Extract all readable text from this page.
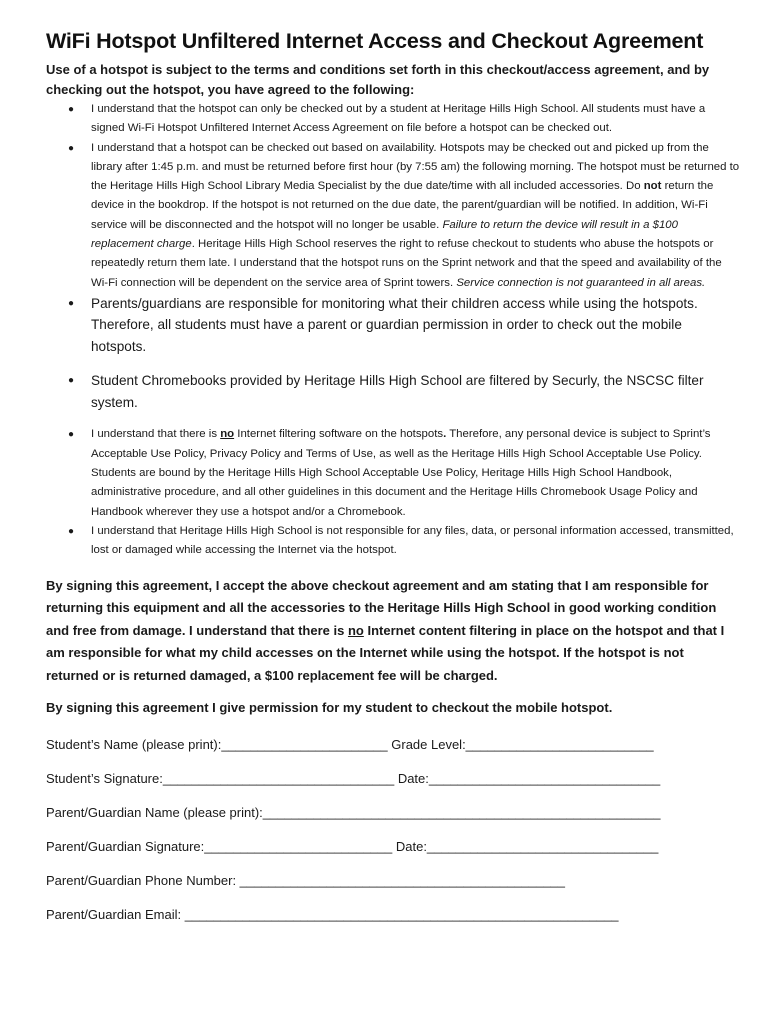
WiFi Hotspot Unfiltered Internet Access and Checkout Agreement

Use of a hotspot is subject to the terms and conditions set forth in this checkout/access agreement, and by checking out the hotspot, you have agreed to the following:

● I understand that the hotspot can only be checked out by a student at Heritage Hills High School. All students must have a signed Wi-Fi Hotspot Unfiltered Internet Access Agreement on file before a hotspot can be checked out.
● I understand that a hotspot can be checked out based on availability. Hotspots may be checked out and picked up from the library after 1:45 p.m. and must be returned before first hour (by 7:55 am) the following morning. The hotspot must be returned to the Heritage Hills High School Library Media Specialist by the due date/time with all included accessories. Do not return the device in the bookdrop. If the hotspot is not returned on the due date, the parent/guardian will be notified. In addition, Wi-Fi service will be disconnected and the hotspot will no longer be usable. Failure to return the device will result in a $100 replacement charge. Heritage Hills High School reserves the right to refuse checkout to students who abuse the hotspots or repeatedly return them late. I understand that the hotspot runs on the Sprint network and that the speed and availability of the Wi-Fi connection will be dependent on the service area of Sprint towers. Service connection is not guaranteed in all areas.
● Parents/guardians are responsible for monitoring what their children access while using the hotspots. Therefore, all students must have a parent or guardian permission in order to check out the mobile hotspots.
● Student Chromebooks provided by Heritage Hills High School are filtered by Securly, the NSCSC filter system.
● I understand that there is no Internet filtering software on the hotspots. Therefore, any personal device is subject to Sprint’s Acceptable Use Policy, Privacy Policy and Terms of Use, as well as the Heritage Hills High School Acceptable Use Policy. Students are bound by the Heritage Hills High School Acceptable Use Policy, Heritage Hills High School Handbook, administrative procedure, and all other guidelines in this document and the Heritage Hills Chromebook Usage Policy and Handbook wherever they use a hotspot and/or a Chromebook.
● I understand that Heritage Hills High School is not responsible for any files, data, or personal information accessed, transmitted, lost or damaged while accessing the Internet via the hotspot.

By signing this agreement, I accept the above checkout agreement and am stating that I am responsible for returning this equipment and all the accessories to the Heritage Hills High School in good working condition and free from damage. I understand that there is no Internet content filtering in place on the hotspot and that I am responsible for what my child accesses on the Internet while using the hotspot. If the hotspot is not returned or is returned damaged, a $100 replacement fee will be charged.

By signing this agreement I give permission for my student to checkout the mobile hotspot.

Student’s Name (please print):_______________________ Grade Level:__________________________
Student’s Signature:________________________________ Date:________________________________
Parent/Guardian Name (please print):_______________________________________________________
Parent/Guardian Signature:__________________________ Date:________________________________
Parent/Guardian Phone Number: _____________________________________________
Parent/Guardian Email: ____________________________________________________________
